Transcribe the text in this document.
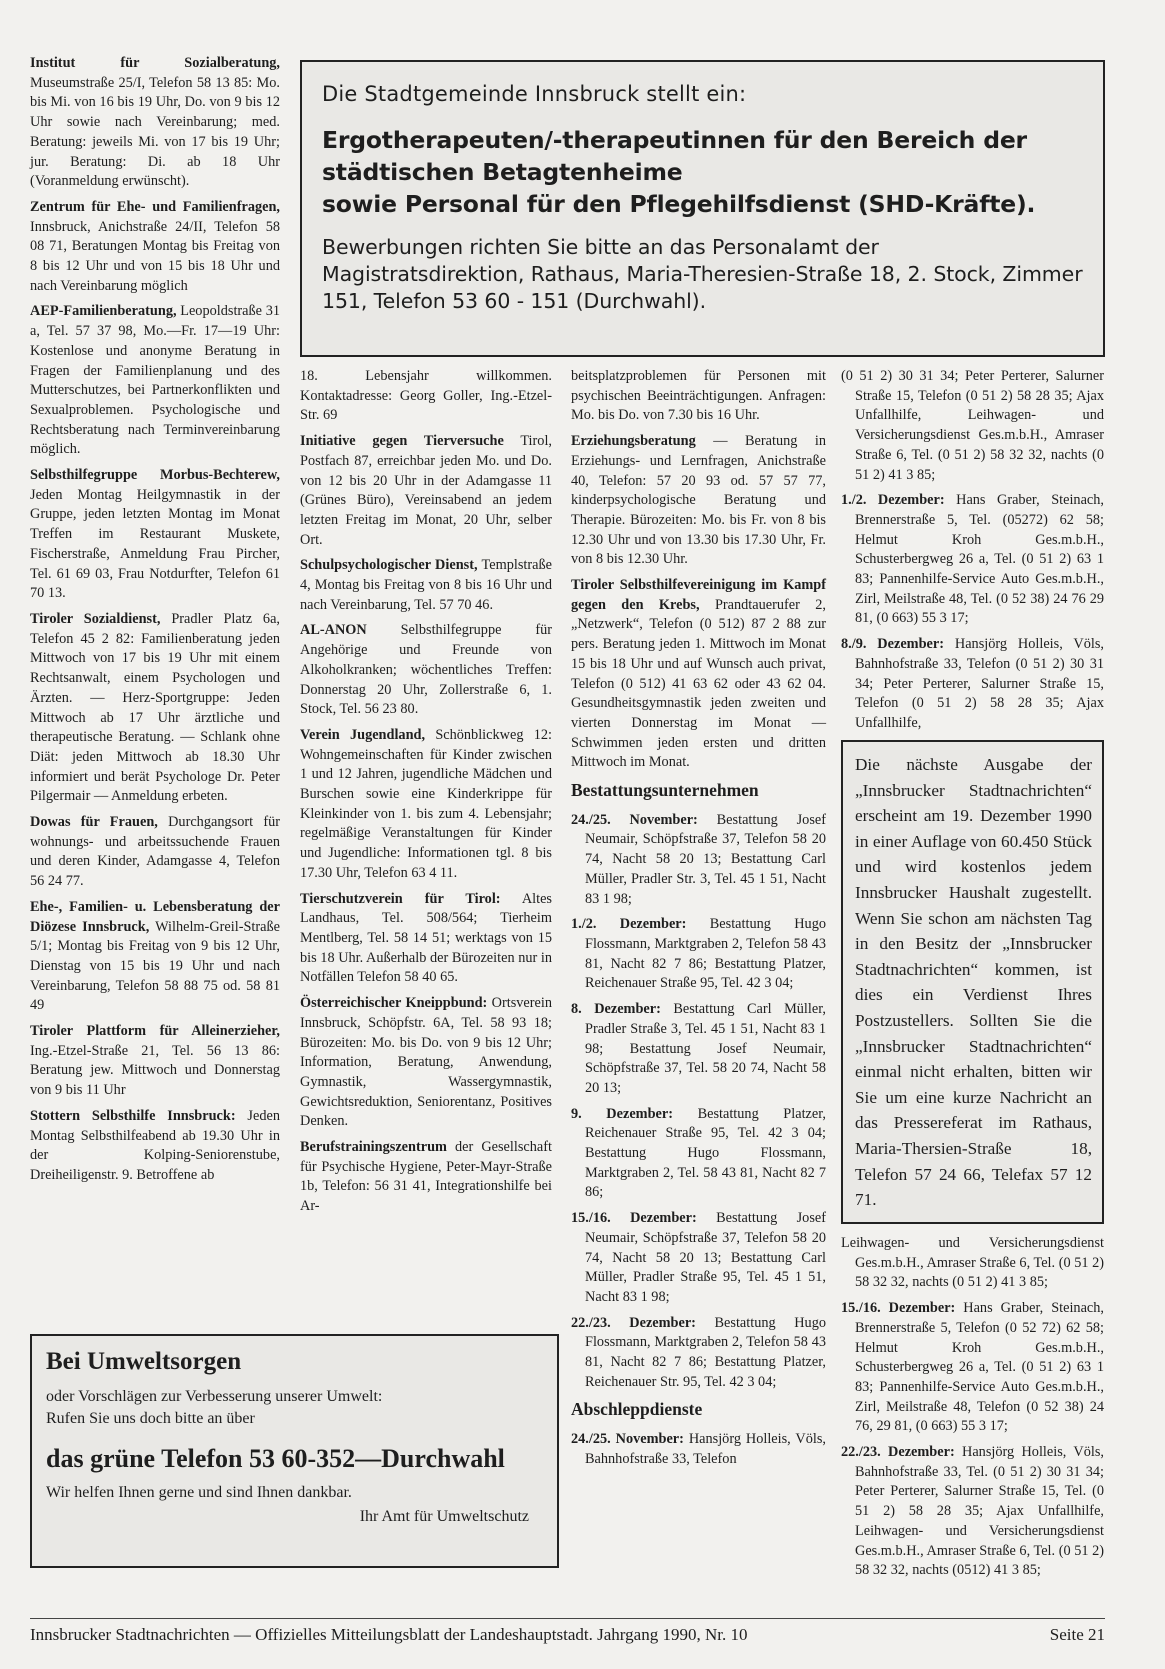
Institut für Sozialberatung, Museumstraße 25/I, Telefon 58 13 85: Mo. bis Mi. von 16 bis 19 Uhr, Do. von 9 bis 12 Uhr sowie nach Vereinbarung; med. Beratung: jeweils Mi. von 17 bis 19 Uhr; jur. Beratung: Di. ab 18 Uhr (Voranmeldung erwünscht).

Zentrum für Ehe- und Familienfragen, Innsbruck, Anichstraße 24/II, Telefon 58 08 71, Beratungen Montag bis Freitag von 8 bis 12 Uhr und von 15 bis 18 Uhr und nach Vereinbarung möglich

AEP-Familienberatung, Leopoldstraße 31 a, Tel. 57 37 98, Mo.—Fr. 17—19 Uhr: Kostenlose und anonyme Beratung in Fragen der Familienplanung und des Mutterschutzes, bei Partnerkonflikten und Sexualproblemen. Psychologische und Rechtsberatung nach Terminvereinbarung möglich.

Selbsthilfegruppe Morbus-Bechterew, Jeden Montag Heilgymnastik in der Gruppe, jeden letzten Montag im Monat Treffen im Restaurant Muskete, Fischerstraße, Anmeldung Frau Pircher, Tel. 61 69 03, Frau Notdurfter, Telefon 61 70 13.

Tiroler Sozialdienst, Pradler Platz 6a, Telefon 45 2 82: Familienberatung jeden Mittwoch von 17 bis 19 Uhr mit einem Rechtsanwalt, einem Psychologen und Ärzten. — Herz-Sportgruppe: Jeden Mittwoch ab 17 Uhr ärztliche und therapeutische Beratung. — Schlank ohne Diät: jeden Mittwoch ab 18.30 Uhr informiert und berät Psychologe Dr. Peter Pilgermair — Anmeldung erbeten.

Dowas für Frauen, Durchgangsort für wohnungs- und arbeitssuchende Frauen und deren Kinder, Adamgasse 4, Telefon 56 24 77.

Ehe-, Familien- u. Lebensberatung der Diözese Innsbruck, Wilhelm-Greil-Straße 5/1; Montag bis Freitag von 9 bis 12 Uhr, Dienstag von 15 bis 19 Uhr und nach Vereinbarung, Telefon 58 88 75 od. 58 81 49

Tiroler Plattform für Alleinerzieher, Ing.-Etzel-Straße 21, Tel. 56 13 86: Beratung jew. Mittwoch und Donnerstag von 9 bis 11 Uhr

Stottern Selbsthilfe Innsbruck: Jeden Montag Selbsthilfeabend ab 19.30 Uhr in der Kolping-Seniorenstube, Dreiheiligenstr. 9. Betroffene ab

18. Lebensjahr willkommen. Kontaktadresse: Georg Goller, Ing.-Etzel-Str. 69

Initiative gegen Tierversuche Tirol, Postfach 87, erreichbar jeden Mo. und Do. von 12 bis 20 Uhr in der Adamgasse 11 (Grünes Büro), Vereinsabend an jedem letzten Freitag im Monat, 20 Uhr, selber Ort.

Schulpsychologischer Dienst, Templstraße 4, Montag bis Freitag von 8 bis 16 Uhr und nach Vereinbarung, Tel. 57 70 46.

AL-ANON Selbsthilfegruppe für Angehörige und Freunde von Alkoholkranken; wöchentliches Treffen: Donnerstag 20 Uhr, Zollerstraße 6, 1. Stock, Tel. 56 23 80.

Verein Jugendland, Schönblickweg 12: Wohngemeinschaften für Kinder zwischen 1 und 12 Jahren, jugendliche Mädchen und Burschen sowie eine Kinderkrippe für Kleinkinder von 1. bis zum 4. Lebensjahr; regelmäßige Veranstaltungen für Kinder und Jugendliche: Informationen tgl. 8 bis 17.30 Uhr, Telefon 63 4 11.

Tierschutzverein für Tirol: Altes Landhaus, Tel. 508/564; Tierheim Mentlberg, Tel. 58 14 51; werktags von 15 bis 18 Uhr. Außerhalb der Bürozeiten nur in Notfällen Telefon 58 40 65.

Österreichischer Kneippbund: Ortsverein Innsbruck, Schöpfstr. 6A, Tel. 58 93 18; Bürozeiten: Mo. bis Do. von 9 bis 12 Uhr; Information, Beratung, Anwendung, Gymnastik, Wassergymnastik, Gewichtsreduktion, Seniorentanz, Positives Denken.

Berufstrainingszentrum der Gesellschaft für Psychische Hygiene, Peter-Mayr-Straße 1b, Telefon: 56 31 41, Integrationshilfe bei Ar-

beitsplatzproblemen für Personen mit psychischen Beeinträchtigungen. Anfragen: Mo. bis Do. von 7.30 bis 16 Uhr.

Erziehungsberatung — Beratung in Erziehungs- und Lernfragen, Anichstraße 40, Telefon: 57 20 93 od. 57 57 77, kinderpsychologische Beratung und Therapie. Bürozeiten: Mo. bis Fr. von 8 bis 12.30 Uhr und von 13.30 bis 17.30 Uhr, Fr. von 8 bis 12.30 Uhr.

Tiroler Selbsthilfevereinigung im Kampf gegen den Krebs, Prandtauerufer 2, „Netzwerk“, Telefon (0 512) 87 2 88 zur pers. Beratung jeden 1. Mittwoch im Monat 15 bis 18 Uhr und auf Wunsch auch privat, Telefon (0 512) 41 63 62 oder 43 62 04. Gesundheitsgymnastik jeden zweiten und vierten Donnerstag im Monat — Schwimmen jeden ersten und dritten Mittwoch im Monat.

Bestattungsunternehmen

24./25. November: Bestattung Josef Neumair, Schöpfstraße 37, Telefon 58 20 74, Nacht 58 20 13; Bestattung Carl Müller, Pradler Str. 3, Tel. 45 1 51, Nacht 83 1 98;

1./2. Dezember: Bestattung Hugo Flossmann, Marktgraben 2, Telefon 58 43 81, Nacht 82 7 86; Bestattung Platzer, Reichenauer Straße 95, Tel. 42 3 04;

8. Dezember: Bestattung Carl Müller, Pradler Straße 3, Tel. 45 1 51, Nacht 83 1 98; Bestattung Josef Neumair, Schöpfstraße 37, Tel. 58 20 74, Nacht 58 20 13;

9. Dezember: Bestattung Platzer, Reichenauer Straße 95, Tel. 42 3 04; Bestattung Hugo Flossmann, Marktgraben 2, Tel. 58 43 81, Nacht 82 7 86;

15./16. Dezember: Bestattung Josef Neumair, Schöpfstraße 37, Telefon 58 20 74, Nacht 58 20 13; Bestattung Carl Müller, Pradler Straße 95, Tel. 45 1 51, Nacht 83 1 98;

22./23. Dezember: Bestattung Hugo Flossmann, Marktgraben 2, Telefon 58 43 81, Nacht 82 7 86; Bestattung Platzer, Reichenauer Str. 95, Tel. 42 3 04;

Abschleppdienste

24./25. November: Hansjörg Holleis, Völs, Bahnhofstraße 33, Telefon

(0 51 2) 30 31 34; Peter Perterer, Salurner Straße 15, Telefon (0 51 2) 58 28 35; Ajax Unfallhilfe, Leihwagen- und Versicherungsdienst Ges.m.b.H., Amraser Straße 6, Tel. (0 51 2) 58 32 32, nachts (0 51 2) 41 3 85;

1./2. Dezember: Hans Graber, Steinach, Brennerstraße 5, Tel. (05272) 62 58; Helmut Kroh Ges.m.b.H., Schusterbergweg 26 a, Tel. (0 51 2) 63 1 83; Pannenhilfe-Service Auto Ges.m.b.H., Zirl, Meilstraße 48, Tel. (0 52 38) 24 76 29 81, (0 663) 55 3 17;

8./9. Dezember: Hansjörg Holleis, Völs, Bahnhofstraße 33, Telefon (0 51 2) 30 31 34; Peter Perterer, Salurner Straße 15, Telefon (0 51 2) 58 28 35; Ajax Unfallhilfe,

Leihwagen- und Versicherungsdienst Ges.m.b.H., Amraser Straße 6, Tel. (0 51 2) 58 32 32, nachts (0 51 2) 41 3 85;

15./16. Dezember: Hans Graber, Steinach, Brennerstraße 5, Telefon (0 52 72) 62 58; Helmut Kroh Ges.m.b.H., Schusterbergweg 26 a, Tel. (0 51 2) 63 1 83; Pannenhilfe-Service Auto Ges.m.b.H., Zirl, Meilstraße 48, Telefon (0 52 38) 24 76, 29 81, (0 663) 55 3 17;

22./23. Dezember: Hansjörg Holleis, Völs, Bahnhofstraße 33, Tel. (0 51 2) 30 31 34; Peter Perterer, Salurner Straße 15, Tel. (0 51 2) 58 28 35; Ajax Unfallhilfe, Leihwagen- und Versicherungsdienst Ges.m.b.H., Amraser Straße 6, Tel. (0 51 2) 58 32 32, nachts (0512) 41 3 85;

Die Stadtgemeinde Innsbruck stellt ein:
Ergotherapeuten/-therapeutinnen für den Bereich der
städtischen Betagtenheime
sowie Personal für den Pflegehilfsdienst (SHD-Kräfte).
Bewerbungen richten Sie bitte an das Personalamt der Magistratsdirektion, Rathaus, Maria-Theresien-Straße 18, 2. Stock, Zimmer 151, Telefon 53 60 - 151 (Durchwahl).
Bei Umweltsorgen
oder Vorschlägen zur Verbesserung unserer Umwelt:
Rufen Sie uns doch bitte an über
das grüne Telefon 53 60-352—Durchwahl
Wir helfen Ihnen gerne und sind Ihnen dankbar.
Ihr Amt für Umweltschutz
Die nächste Ausgabe der „Innsbrucker Stadtnachrichten“ erscheint am 19. Dezember 1990 in einer Auflage von 60.450 Stück und wird kostenlos jedem Innsbrucker Haushalt zugestellt. Wenn Sie schon am nächsten Tag in den Besitz der „Innsbrucker Stadtnachrichten“ kommen, ist dies ein Verdienst Ihres Postzustellers. Sollten Sie die „Innsbrucker Stadtnachrichten“ einmal nicht erhalten, bitten wir Sie um eine kurze Nachricht an das Pressereferat im Rathaus, Maria-Thersien-Straße 18, Telefon 57 24 66, Telefax 57 12 71.
Innsbrucker Stadtnachrichten — Offizielles Mitteilungsblatt der Landeshauptstadt. Jahrgang 1990, Nr. 10	Seite 21
